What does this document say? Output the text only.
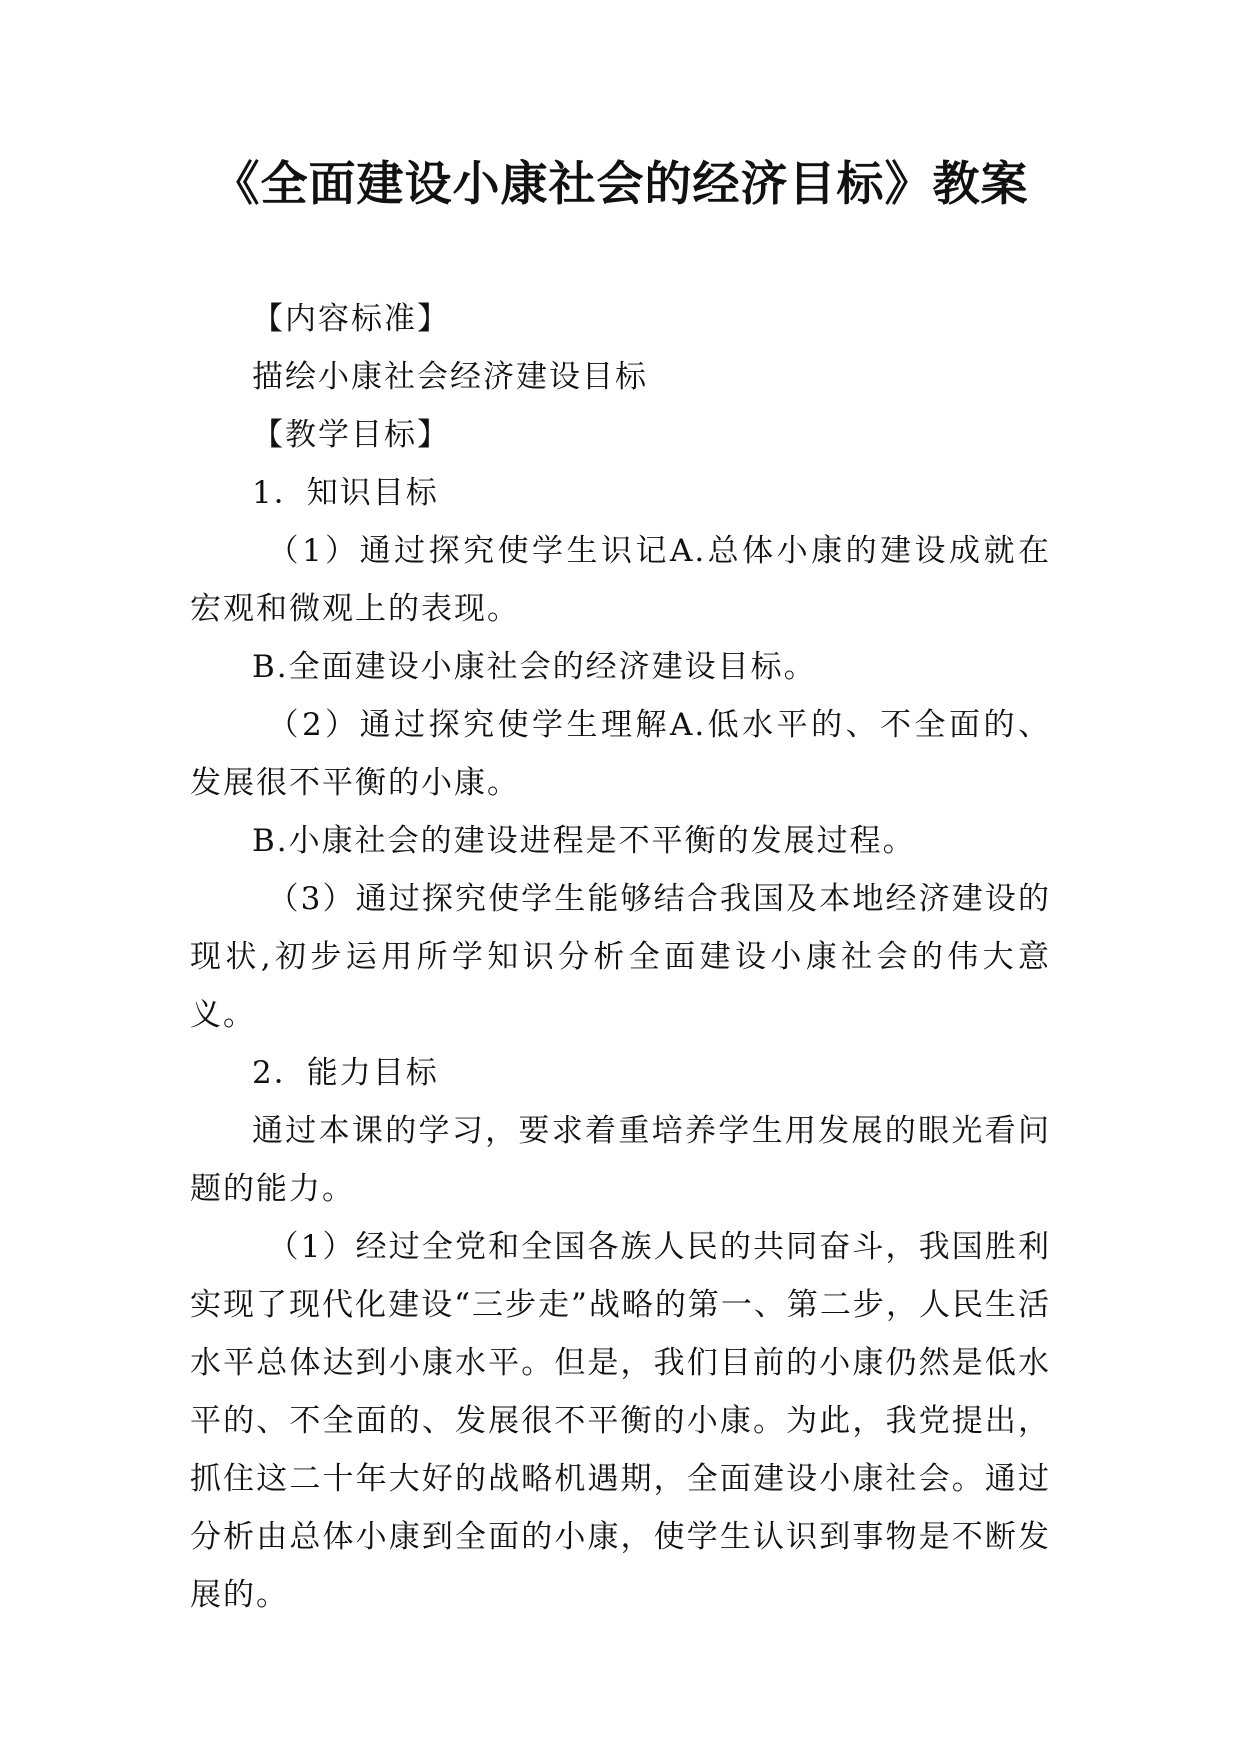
《全面建设小康社会的经济目标》教案

【内容标准】

描绘小康社会经济建设目标

【教学目标】

1．知识目标

（1）通过探究使学生识记A.总体小康的建设成就在宏观和微观上的表现。

B.全面建设小康社会的经济建设目标。

（2）通过探究使学生理解A.低水平的、不全面的、发展很不平衡的小康。

B.小康社会的建设进程是不平衡的发展过程。

（3）通过探究使学生能够结合我国及本地经济建设的现状,初步运用所学知识分析全面建设小康社会的伟大意义。

2．能力目标

通过本课的学习，要求着重培养学生用发展的眼光看问题的能力。

（1）经过全党和全国各族人民的共同奋斗，我国胜利实现了现代化建设“三步走”战略的第一、第二步，人民生活水平总体达到小康水平。但是，我们目前的小康仍然是低水平的、不全面的、发展很不平衡的小康。为此，我党提出，抓住这二十年大好的战略机遇期，全面建设小康社会。通过分析由总体小康到全面的小康，使学生认识到事物是不断发展的。
